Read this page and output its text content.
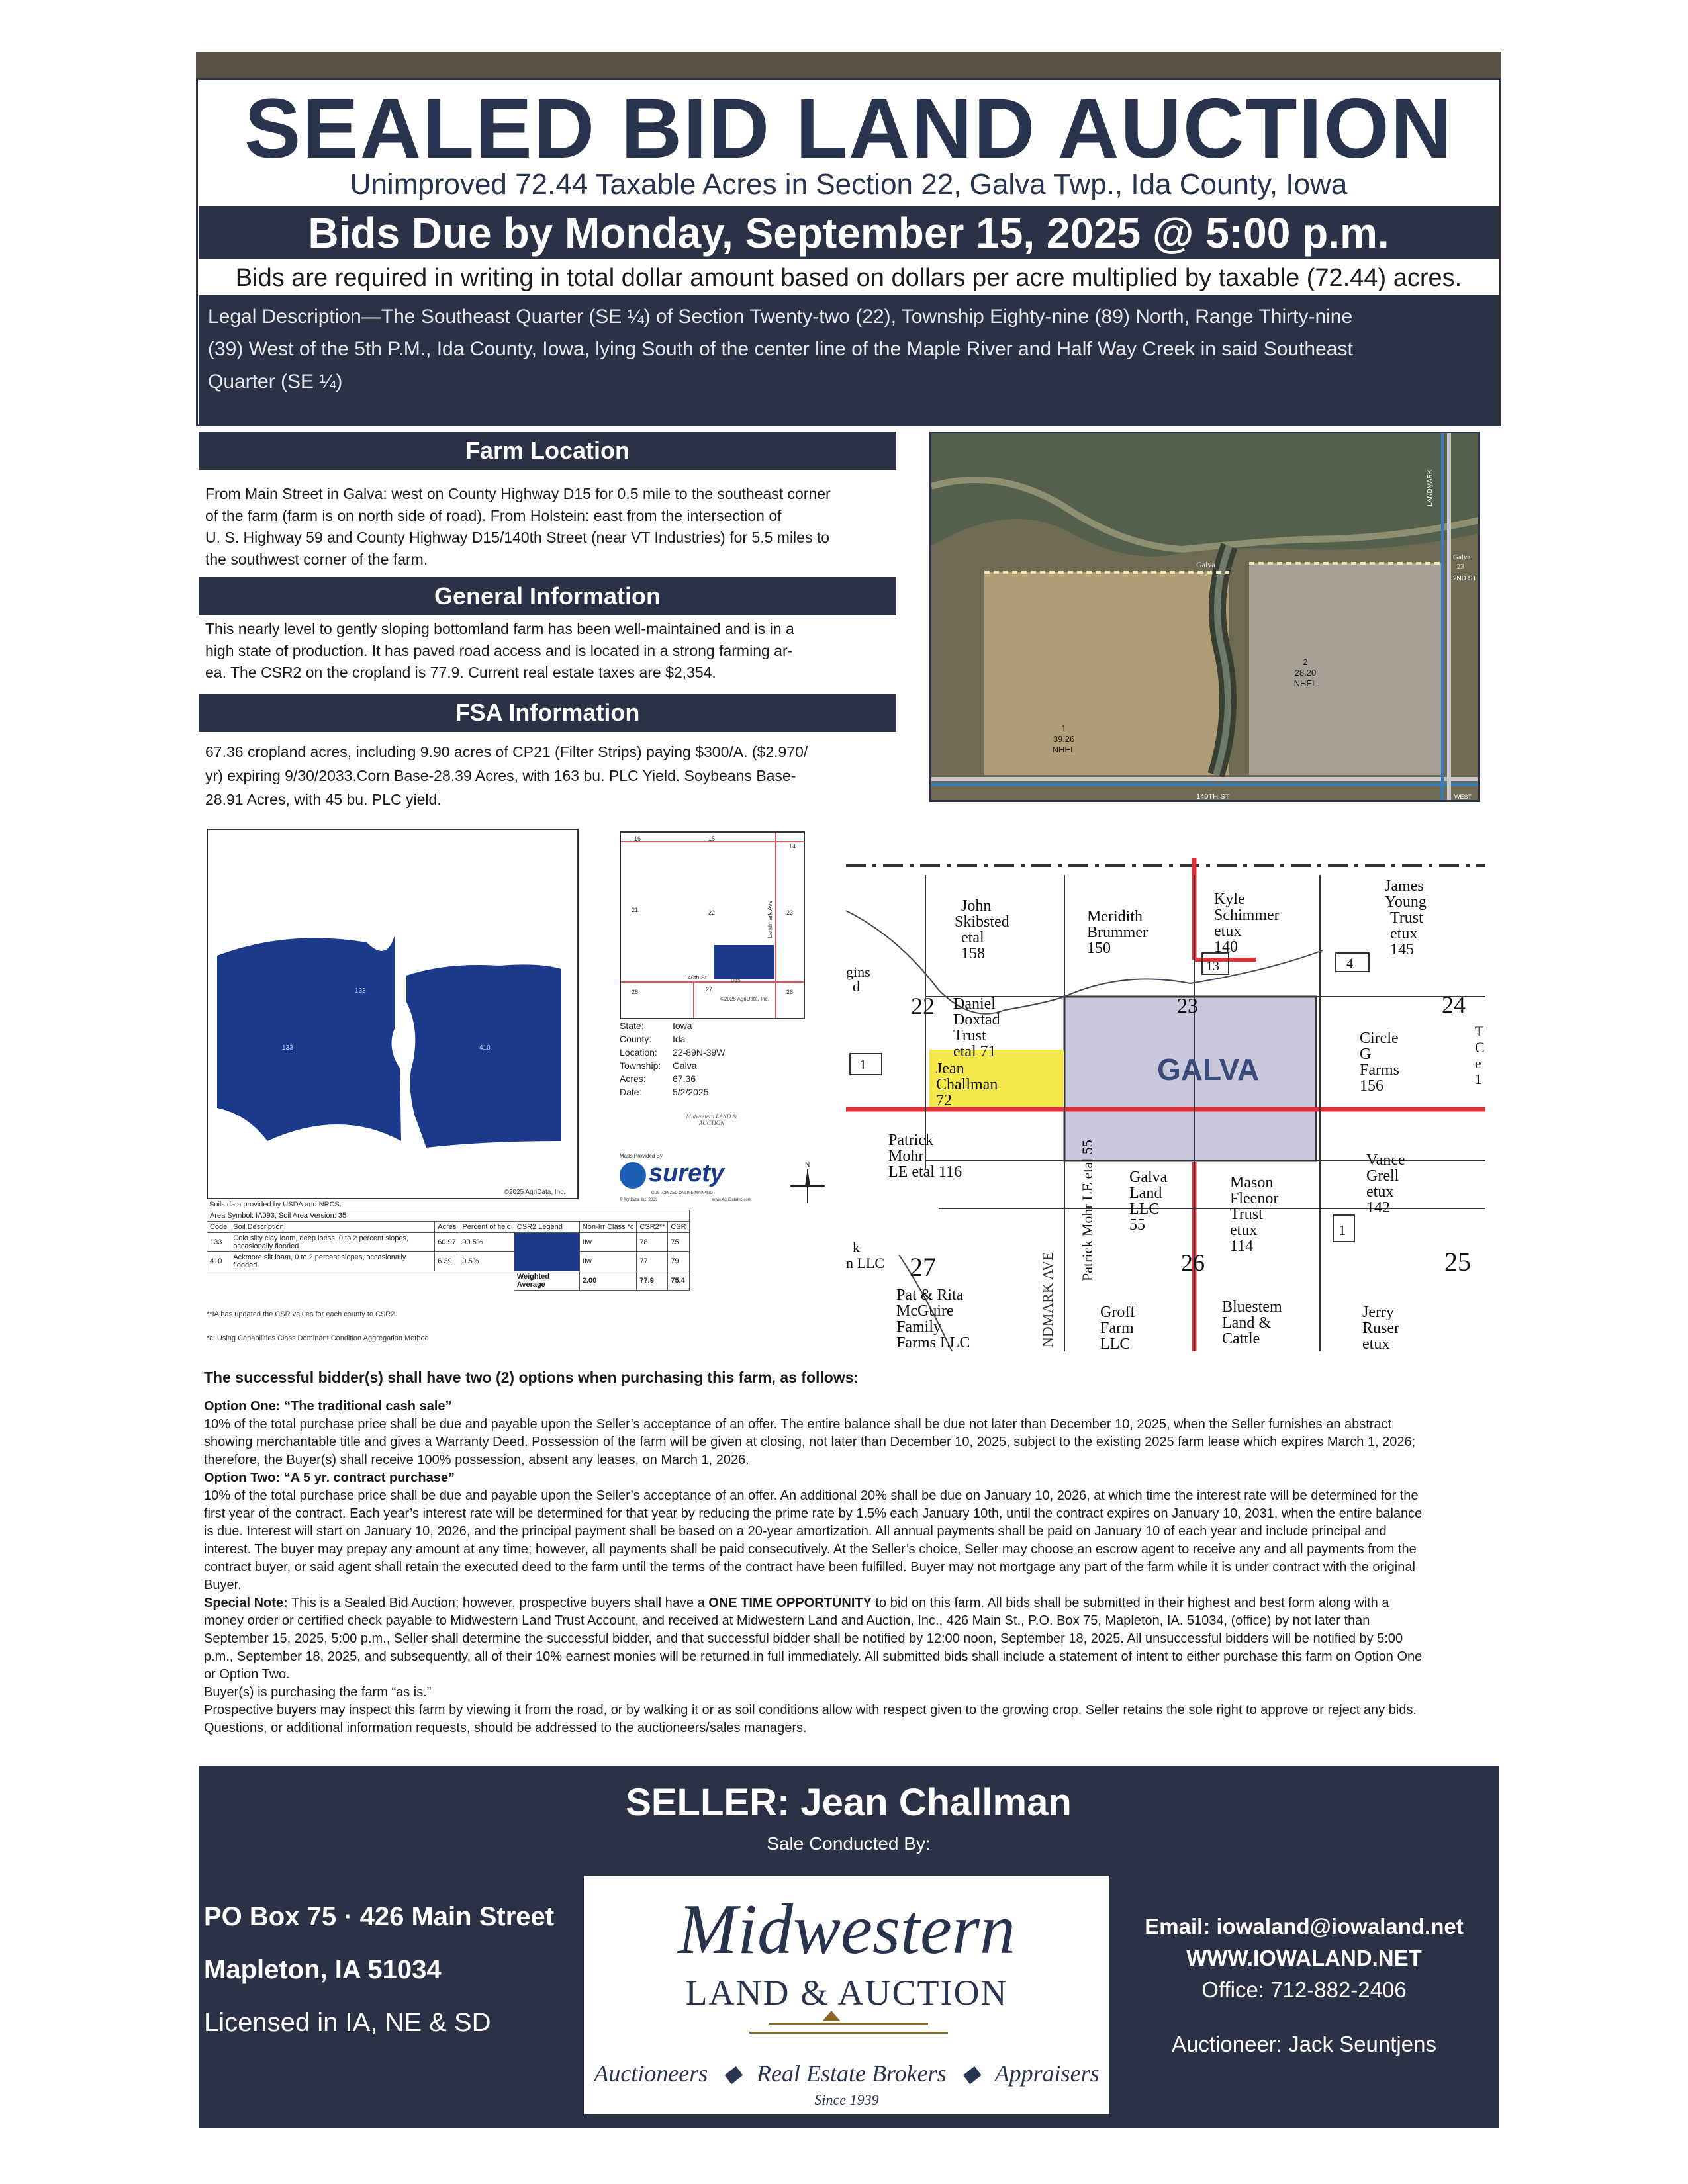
SEALED BID LAND AUCTION
Unimproved 72.44 Taxable Acres in Section 22, Galva Twp., Ida County, Iowa
Bids Due by Monday, September 15, 2025 @ 5:00 p.m.
Bids are required in writing in total dollar amount based on dollars per acre multiplied by taxable (72.44) acres.
Legal Description—The Southeast Quarter (SE ¼) of Section Twenty-two (22), Township Eighty-nine (89) North, Range Thirty-nine
(39) West of the 5th P.M., Ida County, Iowa, lying South of the center line of the Maple River and Half Way Creek in said Southeast
Quarter (SE ¼)
Farm Location
From Main Street in Galva: west on County Highway D15 for 0.5 mile to the southeast corner
of the farm (farm is on north side of road). From Holstein: east from the intersection of
U. S. Highway 59 and County Highway D15/140th Street (near VT Industries) for 5.5 miles to
the southwest corner of the farm.
General Information
This nearly level to gently sloping bottomland farm has been well-maintained and is in a
high state of production. It has paved road access and is located in a strong farming ar-
ea. The CSR2 on the cropland is 77.9. Current real estate taxes are $2,354.
FSA Information
67.36 cropland acres, including 9.90 acres of CP21 (Filter Strips) paying $300/A. ($2.970/
yr) expiring 9/30/2033.Corn Base-28.39 Acres, with 163 bu. PLC Yield. Soybeans Base-
28.91 Acres, with 45 bu. PLC yield.
Galva
22
Galva
23
2ND ST
1
39.26
NHEL
2
28.20
NHEL
140TH ST	WEST
LANDMARK
133
133	410
©2025 AgriData, Inc.
Soils data provided by USDA and NRCS.
Area Symbol: IA093, Soil Area Version: 35							
Code	Soil Description	Acres	Percent of field	CSR2 Legend	Non-Irr Class *c	CSR2**	CSR
133	Colo silty clay loam, deep loess, 0 to 2 percent slopes, occasionally flooded	60.97	90.5%		IIw	78	75
410	Ackmore silt loam, 0 to 2 percent slopes, occasionally flooded	6.39	9.5%		IIw	77	79
				Weighted Average	2.00	77.9	75.4
**IA has updated the CSR values for each county to CSR2.
*c: Using Capabilities Class Dominant Condition Aggregation Method
16	15
14
21	22	23
28	27	26
140th St	D15
Landmark Ave
©2025 AgriData, Inc.
State:	Iowa
County: Ida
Location: 22-89N-39W
Township: Galva
Acres:	67.36
Date:	5/2/2025
Midwestern LAND & AUCTION
Maps Provided By
surety
CUSTOMIZED ONLINE MAPPING
© AgriData, Inc. 2023	www.AgriDataInc.com
N
22	23	24
26	25
27
GALVA
NDMARK AVE
John
Skibsted
etal
158
Meridith
Brummer
150
Kyle
Schimmer
etux
140
James
Young
Trust
etux
145
Daniel
Doxtad
Trust
etal 71
Jean
Challman
72
Circle
G
Farms
156
Patrick
Mohr
LE etal 116	Galva
Land
LLC
55
Patrick Mohr LE etal 55	Mason
Fleenor
Trust
etux
114
Vance
Grell
etux
142
Pat & Rita
McGuire
Family
Farms LLC
Groff
Farm
LLC
Bluestem
Land &
Cattle
Jerry
Ruser
etux
gins
d
k
n LLC
1
1
13	4
T
C
e
1
The successful bidder(s) shall have two (2) options when purchasing this farm, as follows:

Option One: “The traditional cash sale”

10% of the total purchase price shall be due and payable upon the Seller’s acceptance of an offer. The entire balance shall be due not later than December 10, 2025, when the Seller furnishes an abstract showing merchantable title and gives a Warranty Deed. Possession of the farm will be given at closing, not later than December 10, 2025, subject to the existing 2025 farm lease which expires March 1, 2026; therefore, the Buyer(s) shall receive 100% possession, absent any leases, on March 1, 2026.

Option Two: “A 5 yr. contract purchase”

10% of the total purchase price shall be due and payable upon the Seller’s acceptance of an offer. An additional 20% shall be due on January 10, 2026, at which time the interest rate will be determined for the first year of the contract. Each year’s interest rate will be determined for that year by reducing the prime rate by 1.5% each January 10th, until the contract expires on January 10, 2031, when the entire balance is due. Interest will start on January 10, 2026, and the principal payment shall be based on a 20-year amortization. All annual payments shall be paid on January 10 of each year and include principal and interest. The buyer may prepay any amount at any time; however, all payments shall be paid consecutively. At the Seller’s choice, Seller may choose an escrow agent to receive any and all payments from the contract buyer, or said agent shall retain the executed deed to the farm until the terms of the contract have been fulfilled. Buyer may not mortgage any part of the farm while it is under contract with the original Buyer.

Special Note: This is a Sealed Bid Auction; however, prospective buyers shall have a ONE TIME OPPORTUNITY to bid on this farm. All bids shall be submitted in their highest and best form along with a money order or certified check payable to Midwestern Land Trust Account, and received at Midwestern Land and Auction, Inc., 426 Main St., P.O. Box 75, Mapleton, IA. 51034, (office) by not later than September 15, 2025, 5:00 p.m., Seller shall determine the successful bidder, and that successful bidder shall be notified by 12:00 noon, September 18, 2025. All unsuccessful bidders will be notified by 5:00 p.m., September 18, 2025, and subsequently, all of their 10% earnest monies will be returned in full immediately. All submitted bids shall include a statement of intent to either purchase this farm on Option One or Option Two.

Buyer(s) is purchasing the farm “as is.”

Prospective buyers may inspect this farm by viewing it from the road, or by walking it or as soil conditions allow with respect given to the growing crop. Seller retains the sole right to approve or reject any bids. Questions, or additional information requests, should be addressed to the auctioneers/sales managers.

SELLER: Jean Challman
Sale Conducted By:
PO Box 75 · 426 Main Street
Mapleton, IA 51034
Licensed in IA, NE & SD
Midwestern
LAND & AUCTION
Auctioneers ◆ Real Estate Brokers ◆ Appraisers
Since 1939
Email: iowaland@iowaland.net
WWW.IOWALAND.NET
Office: 712-882-2406
Auctioneer: Jack Seuntjens
